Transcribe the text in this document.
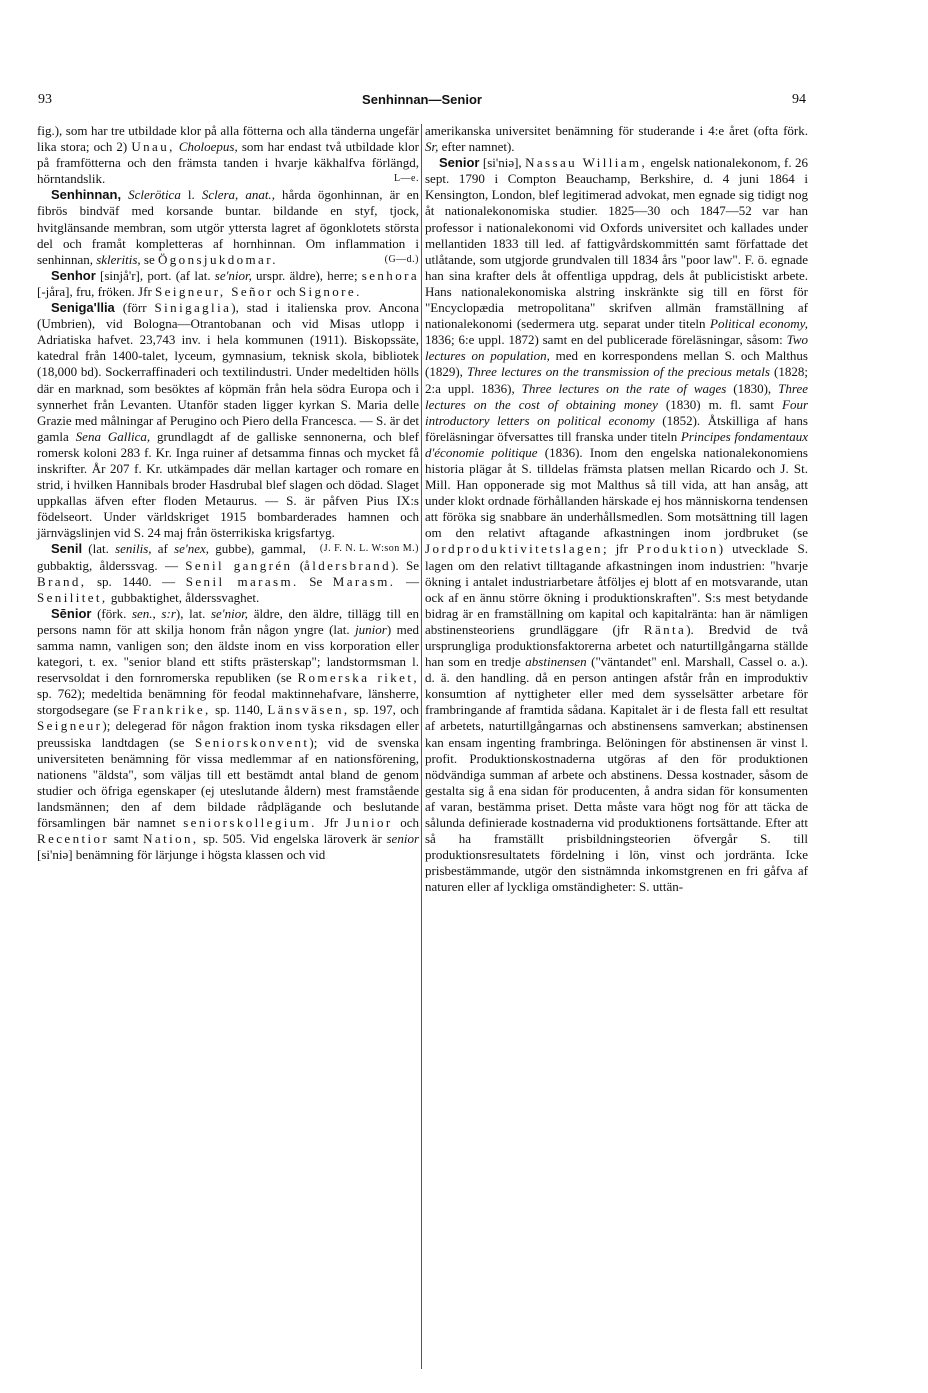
93	Senhinnan—Senior	94

fig.), som har tre utbildade klor på alla fötterna och alla tänderna ungefär lika stora; och 2) Unau, Choloepus, som har endast två utbildade klor på framfötterna och den främsta tanden i hvarje käkhalfva förlängd, hörntandslik.	L—e.

Senhinnan, Sclerötica l. Sclera, anat., hårda ögonhinnan, är en fibrös bindväf med korsande buntar. bildande en styf, tjock, hvitglänsande membran, som utgör yttersta lagret af ögonklotets största del och framåt kompletteras af hornhinnan. Om inflammation i senhinnan, skleritis, se Ögonsjukdomar.	(G—d.)

Senhor [sinjå'r], port. (af lat. se'nior, urspr. äldre), herre; senhora [-jåra], fru, fröken. Jfr Seigneur, Señor och Signore.

Seniga'llia (förr Sinigaglia), stad i italienska prov. Ancona (Umbrien), vid Bologna—Otrantobanan och vid Misas utlopp i Adriatiska hafvet. 23,743 inv. i hela kommunen (1911). Biskopssäte, katedral från 1400-talet, lyceum, gymnasium, teknisk skola, bibliotek (18,000 bd). Sockerraffinaderi och textilindustri. Under medeltiden hölls där en marknad, som besöktes af köpmän från hela södra Europa och i synnerhet från Levanten. Utanför staden ligger kyrkan S. Maria delle Grazie med målningar af Perugino och Piero della Francesca. — S. är det gamla Sena Gallica, grundlagdt af de galliske sennonerna, och blef romersk koloni 283 f. Kr. Inga ruiner af detsamma finnas och mycket få inskrifter. År 207 f. Kr. utkämpades där mellan kartager och romare en strid, i hvilken Hannibals broder Hasdrubal blef slagen och dödad. Slaget uppkallas äfven efter floden Metaurus. — S. är påfven Pius IX:s födelseort. Under världskriget 1915 bombarderades hamnen och järnvägslinjen vid S. 24 maj från österrikiska krigsfartyg.
(J. F. N. L. W:son M.)

Senil (lat. senilis, af se'nex, gubbe), gammal, gubbaktig, ålderssvag. — Senil gangrén (åldersbrand). Se Brand, sp. 1440. — Senil marasm. Se Marasm. — Senilitet, gubbaktighet, ålderssvaghet.

Sēnior (förk. sen., s:r), lat. se'nior, äldre, den äldre, tillägg till en persons namn för att skilja honom från någon yngre (lat. junior) med samma namn, vanligen son; den äldste inom en viss korporation eller kategori, t. ex. "senior bland ett stifts prästerskap"; landstormsman l. reservsoldat i den fornromerska republiken (se Romerska riket, sp. 762); medeltida benämning för feodal maktinnehafvare, länsherre, storgodsegare (se Frankrike, sp. 1140, Länsväsen, sp. 197, och Seigneur); delegerad för någon fraktion inom tyska riksdagen eller preussiska landtdagen (se Seniorskonvent); vid de svenska universiteten benämning för vissa medlemmar af en nationsförening, nationens "äldsta", som väljas till ett bestämdt antal bland de genom studier och öfriga egenskaper (ej uteslutande åldern) mest framstående landsmännen; den af dem bildade rådplägande och beslutande församlingen bär namnet seniorskollegium. Jfr Junior och Recentior samt Nation, sp. 505. Vid engelska läroverk är senior [si'niə] benämning för lärjunge i högsta klassen och vid

amerikanska universitet benämning för studerande i 4:e året (ofta förk. Sr, efter namnet).

Senior [si'niə], Nassau William, engelsk nationalekonom, f. 26 sept. 1790 i Compton Beauchamp, Berkshire, d. 4 juni 1864 i Kensington, London, blef legitimerad advokat, men egnade sig tidigt nog åt nationalekonomiska studier. 1825—30 och 1847—52 var han professor i nationalekonomi vid Oxfords universitet och kallades under mellantiden 1833 till led. af fattigvårdskommittén samt författade det utlåtande, som utgjorde grundvalen till 1834 års "poor law". F. ö. egnade han sina krafter dels åt offentliga uppdrag, dels åt publicistiskt arbete. Hans nationalekonomiska alstring inskränkte sig till en först för "Encyclopædia metropolitana" skrifven allmän framställning af nationalekonomi (sedermera utg. separat under titeln Political economy, 1836; 6:e uppl. 1872) samt en del publicerade föreläsningar, såsom: Two lectures on population, med en korrespondens mellan S. och Malthus (1829), Three lectures on the transmission of the precious metals (1828; 2:a uppl. 1836), Three lectures on the rate of wages (1830), Three lectures on the cost of obtaining money (1830) m. fl. samt Four introductory letters on political economy (1852). Åtskilliga af hans föreläsningar öfversattes till franska under titeln Principes fondamentaux d'économie politique (1836). Inom den engelska nationalekonomiens historia plägar åt S. tilldelas främsta platsen mellan Ricardo och J. St. Mill. Han opponerade sig mot Malthus så till vida, att han ansåg, att under klokt ordnade förhållanden härskade ej hos människorna tendensen att föröka sig snabbare än underhållsmedlen. Som motsättning till lagen om den relativt aftagande afkastningen inom jordbruket (se Jordproduktivitetslagen; jfr Produktion) utvecklade S. lagen om den relativt tilltagande afkastningen inom industrien: "hvarje ökning i antalet industriarbetare åtföljes ej blott af en motsvarande, utan ock af en ännu större ökning i produktionskraften". S:s mest betydande bidrag är en framställning om kapital och kapitalränta: han är nämligen abstinensteoriens grundläggare (jfr Ränta). Bredvid de två ursprungliga produktionsfaktorerna arbetet och naturtillgångarna ställde han som en tredje abstinensen ("väntandet" enl. Marshall, Cassel o. a.). d. ä. den handling. då en person antingen afstår från en improduktiv konsumtion af nyttigheter eller med dem sysselsätter arbetare för frambringande af framtida sådana. Kapitalet är i de flesta fall ett resultat af arbetets, naturtillgångarnas och abstinensens samverkan; abstinensen kan ensam ingenting frambringa. Belöningen för abstinensen är vinst l. profit. Produktionskostnaderna utgöras af den för produktionen nödvändiga summan af arbete och abstinens. Dessa kostnader, såsom de gestalta sig å ena sidan för producenten, å andra sidan för konsumenten af varan, bestämma priset. Detta måste vara högt nog för att täcka de sålunda definierade kostnaderna vid produktionens fortsättande. Efter att så ha framställt prisbildningsteorien öfvergår S. till produktionsresultatets fördelning i lön, vinst och jordränta. Icke prisbestämmande, utgör den sistnämnda inkomstgrenen en fri gåfva af naturen eller af lyckliga omständigheter: S. uttän-
